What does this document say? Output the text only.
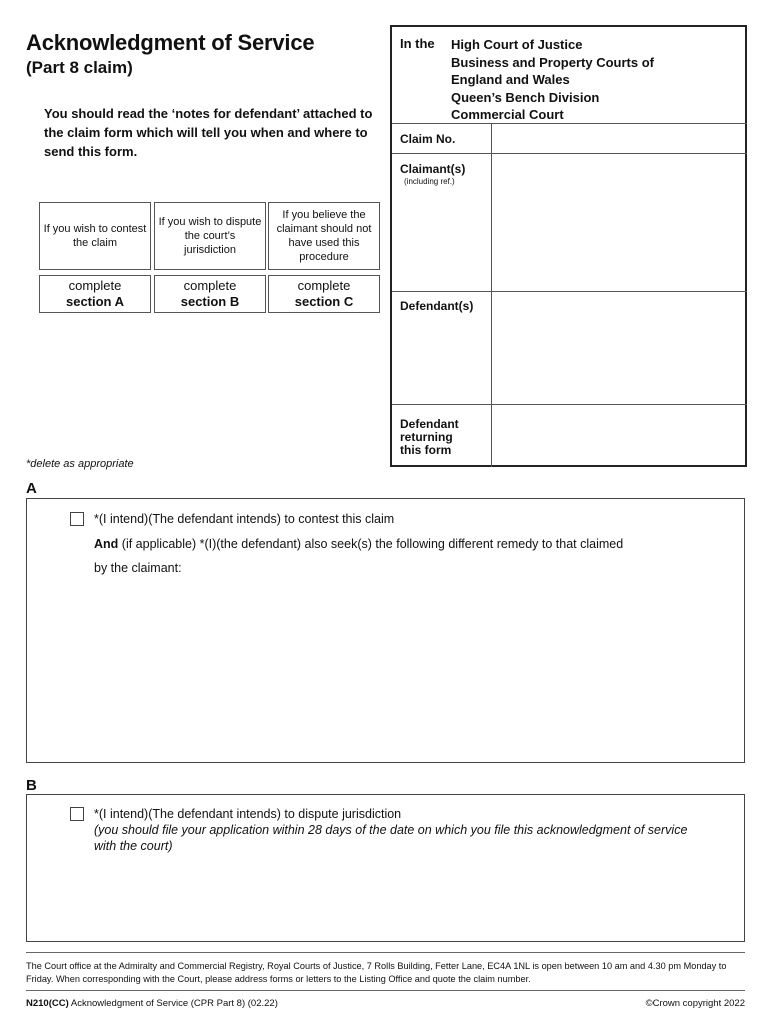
Acknowledgment of Service
(Part 8 claim)
You should read the ‘notes for defendant’ attached to the claim form which will tell you when and where to send this form.
If you wish to contest the claim
If you wish to dispute the court’s jurisdiction
If you believe the claimant should not have used this procedure
complete
section A
complete
section B
complete
section C
*delete as appropriate
In the High Court of Justice
Business and Property Courts of
England and Wales
Queen’s Bench Division
Commercial Court
Claim No.
Claimant(s)
(including ref.)
Defendant(s)
Defendant
returning
this form
A
*(I intend)(The defendant intends) to contest this claim
And (if applicable) *(I)(the defendant) also seek(s) the following different remedy to that claimed
by the claimant:
B
*(I intend)(The defendant intends) to dispute jurisdiction
(you should file your application within 28 days of the date on which you file this acknowledgment of service
with the court)
The Court office at the Admiralty and Commercial Registry, Royal Courts of Justice, 7 Rolls Building, Fetter Lane, EC4A 1NL is open between 10 am and 4.30 pm Monday to Friday. When corresponding with the Court, please address forms or letters to the Listing Office and quote the claim number.
N210(CC) Acknowledgment of Service (CPR Part 8) (02.22)	©Crown copyright 2022
